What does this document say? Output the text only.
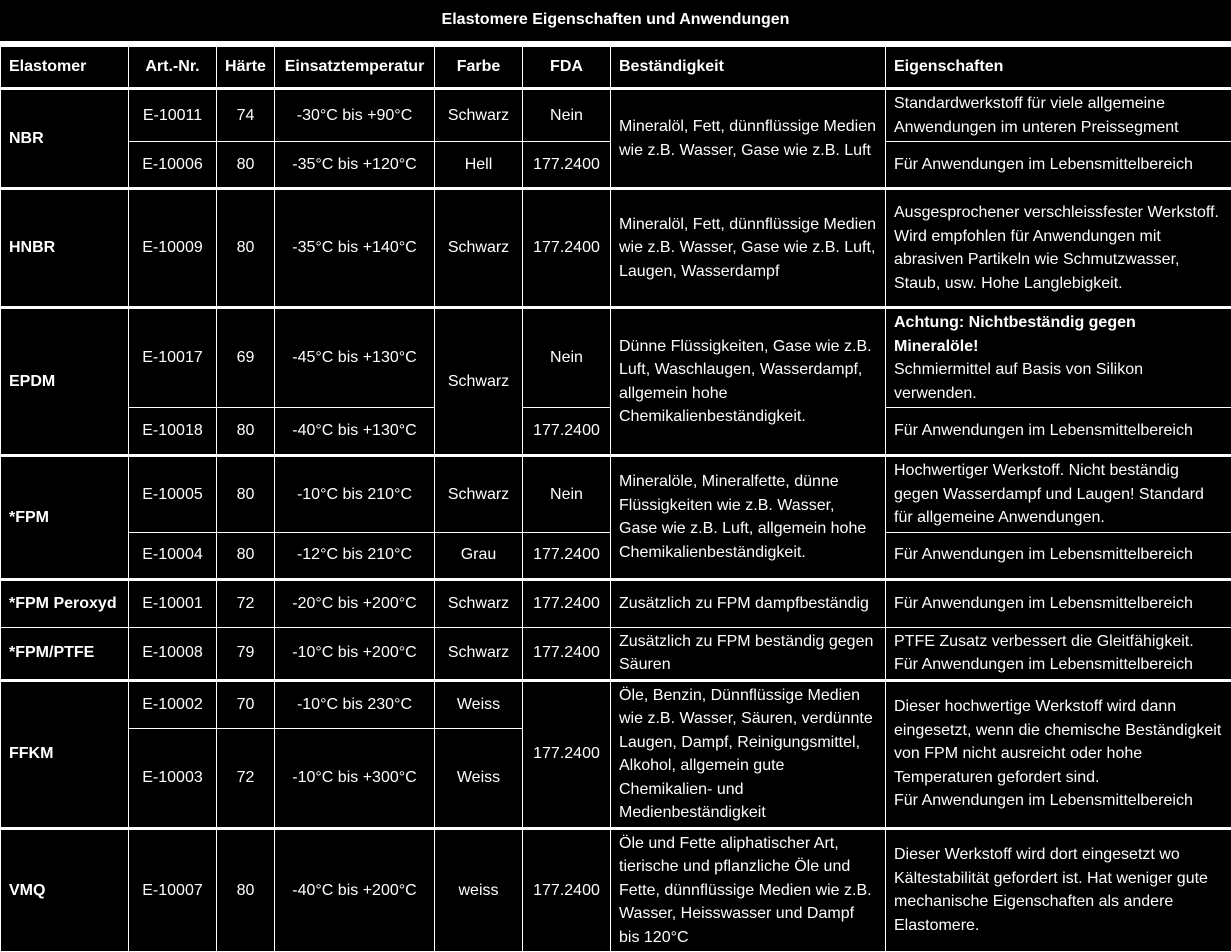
Elastomere Eigenschaften und Anwendungen
Elastomer	Art.-Nr.	Härte	Einsatztemperatur	Farbe	FDA	Beständigkeit	Eigenschaften
NBR	E-10011	74	-30°C bis +90°C	Schwarz	Nein	Mineralöl, Fett, dünnflüssige Medien wie z.B. Wasser, Gase wie z.B. Luft	Standardwerkstoff für viele allgemeine Anwendungen im unteren Preissegment
	E-10006	80	-35°C bis +120°C	Hell	177.2400		Für Anwendungen im Lebensmittelbereich
HNBR	E-10009	80	-35°C bis +140°C	Schwarz	177.2400	Mineralöl, Fett, dünnflüssige Medien wie z.B. Wasser, Gase wie z.B. Luft, Laugen, Wasserdampf	Ausgesprochener verschleissfester Werkstoff. Wird empfohlen für Anwendungen mit abrasiven Partikeln wie Schmutzwasser, Staub, usw. Hohe Langlebigkeit.
EPDM	E-10017	69	-45°C bis +130°C	Schwarz	Nein	Dünne Flüssigkeiten, Gase wie z.B. Luft, Waschlaugen, Wasserdampf, allgemein hohe Chemikalienbeständigkeit.	Achtung: Nichtbeständig gegen Mineralöle!
Schmiermittel auf Basis von Silikon verwenden.

	E-10018	80	-40°C bis +130°C		177.2400		Für Anwendungen im Lebensmittelbereich
*FPM	E-10005	80	-10°C bis 210°C	Schwarz	Nein	Mineralöle, Mineralfette, dünne Flüssigkeiten wie z.B. Wasser, Gase wie z.B. Luft, allgemein hohe Chemikalienbeständigkeit.	Hochwertiger Werkstoff. Nicht beständig gegen Wasserdampf und Laugen! Standard für allgemeine Anwendungen.
	E-10004	80	-12°C bis 210°C	Grau	177.2400		Für Anwendungen im Lebensmittelbereich
*FPM Peroxyd	E-10001	72	-20°C bis +200°C	Schwarz	177.2400	Zusätzlich zu FPM dampfbeständig	Für Anwendungen im Lebensmittelbereich
*FPM/PTFE	E-10008	79	-10°C bis +200°C	Schwarz	177.2400	Zusätzlich zu FPM beständig gegen Säuren	PTFE Zusatz verbessert die Gleitfähigkeit.
Für Anwendungen im Lebensmittelbereich

FFKM	E-10002	70	-10°C bis 230°C	Weiss	177.2400	Öle, Benzin, Dünnflüssige Medien wie z.B. Wasser, Säuren, verdünnte Laugen, Dampf, Reinigungsmittel, Alkohol, allgemein gute Chemikalien- und Medienbeständigkeit	Dieser hochwertige Werkstoff wird dann eingesetzt, wenn die chemische Beständigkeit von FPM nicht ausreicht oder hohe Temperaturen gefordert sind.
Für Anwendungen im Lebensmittelbereich

	E-10003	72	-10°C bis +300°C	Weiss			
VMQ	E-10007	80	-40°C bis +200°C	weiss	177.2400	Öle und Fette aliphatischer Art, tierische und pflanzliche Öle und Fette, dünnflüssige Medien wie z.B. Wasser, Heisswasser und Dampf bis 120°C	Dieser Werkstoff wird dort eingesetzt wo Kältestabilität gefordert ist. Hat weniger gute mechanische Eigenschaften als andere Elastomere.
